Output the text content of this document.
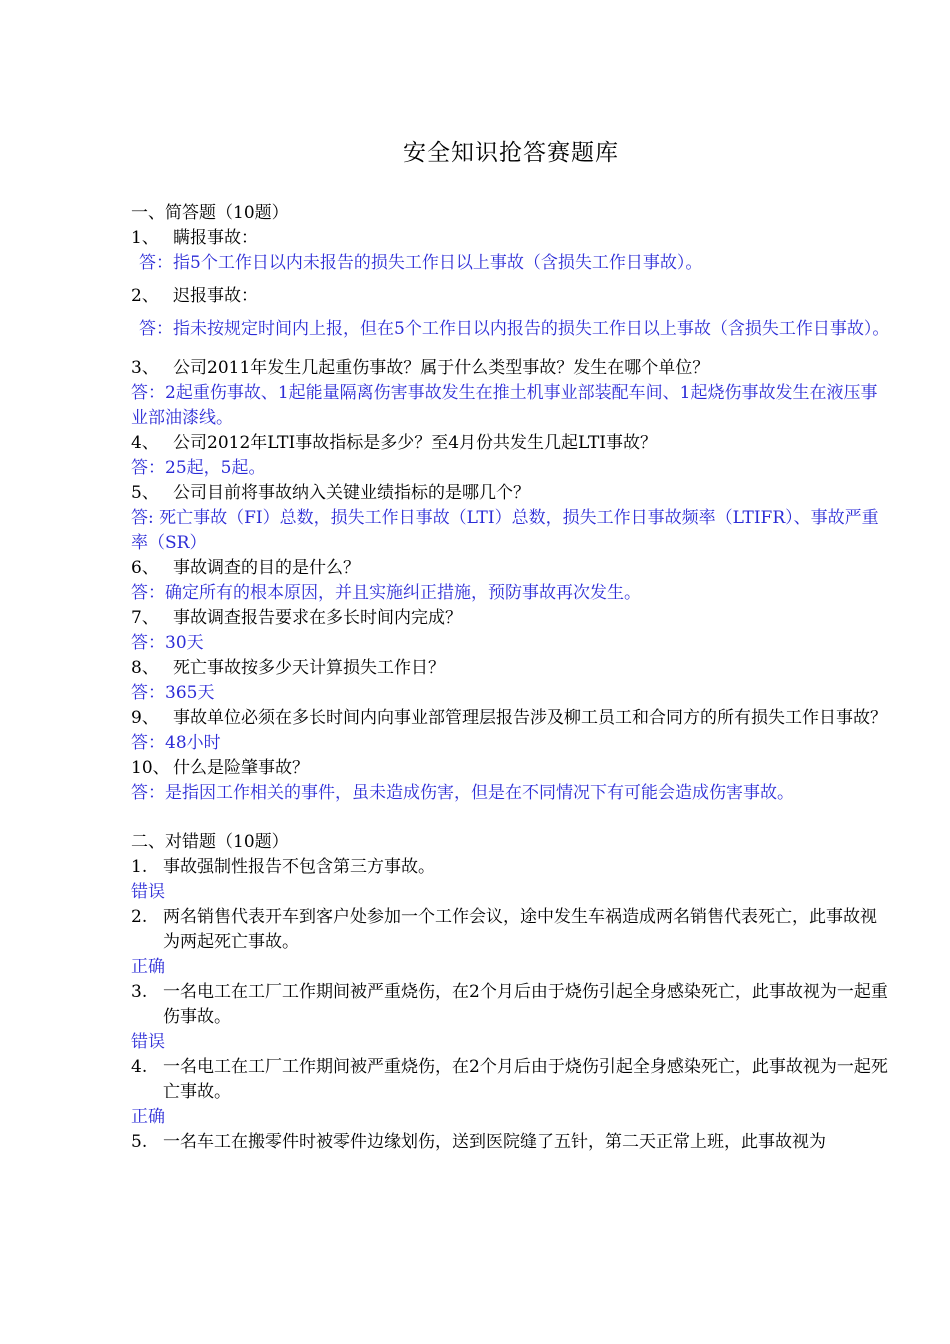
安全知识抢答赛题库
一、简答题（10题）
1、 瞒报事故：
答：指5个工作日以内未报告的损失工作日以上事故（含损失工作日事故）。
2、 迟报事故：
答：指未按规定时间内上报，但在5个工作日以内报告的损失工作日以上事故（含损失工作日事故）。
3、 公司2011年发生几起重伤事故？属于什么类型事故？发生在哪个单位？
答：2起重伤事故、1起能量隔离伤害事故发生在推土机事业部装配车间、1起烧伤事故发生在液压事业部油漆线。
4、 公司2012年LTI事故指标是多少？至4月份共发生几起LTI事故？
答：25起，5起。
5、 公司目前将事故纳入关键业绩指标的是哪几个？
答: 死亡事故（FI）总数，损失工作日事故（LTI）总数，损失工作日事故频率（LTIFR）、事故严重率（SR）
6、 事故调查的目的是什么？
答：确定所有的根本原因，并且实施纠正措施，预防事故再次发生。
7、 事故调查报告要求在多长时间内完成？
答：30天
8、 死亡事故按多少天计算损失工作日？
答：365天
9、 事故单位必须在多长时间内向事业部管理层报告涉及柳工员工和合同方的所有损失工作日事故？
答：48小时
10、 什么是险肇事故？
答：是指因工作相关的事件，虽未造成伤害，但是在不同情况下有可能会造成伤害事故。
二、对错题（10题）
1. 事故强制性报告不包含第三方事故。
错误
2. 两名销售代表开车到客户处参加一个工作会议，途中发生车祸造成两名销售代表死亡，此事故视为两起死亡事故。
正确
3. 一名电工在工厂工作期间被严重烧伤，在2个月后由于烧伤引起全身感染死亡，此事故视为一起重伤事故。
错误
4. 一名电工在工厂工作期间被严重烧伤，在2个月后由于烧伤引起全身感染死亡，此事故视为一起死亡事故。
正确
5. 一名车工在搬零件时被零件边缘划伤，送到医院缝了五针，第二天正常上班，此事故视为
